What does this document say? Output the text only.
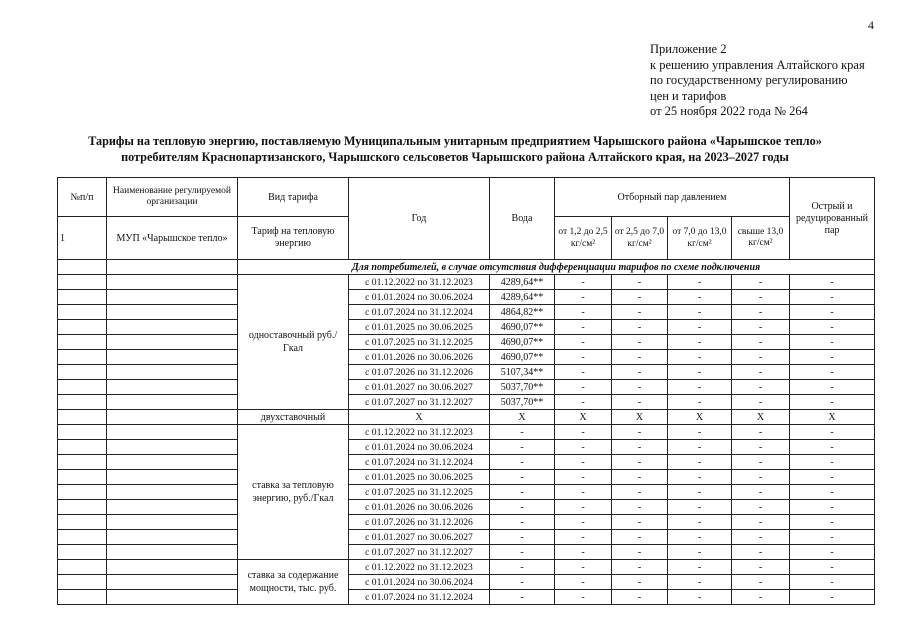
4
Приложение 2
к решению управления Алтайского края
по государственному регулированию
цен и тарифов
от 25 ноября 2022 года № 264
Тарифы на тепловую энергию, поставляемую Муниципальным унитарным предприятием Чарышского района «Чарышское тепло»
потребителям Краснопартизанского, Чарышского сельсоветов Чарышского района Алтайского края, на 2023–2027 годы
№п/п	Наименование регулируемой организации	Вид тарифа	Год	Вода	Отборный пар давлением				Острый и редуцированный пар
1	МУП «Чарышское тепло»	Тариф на тепловую энергию			от 1,2 до 2,5 кг/см²	от 2,5 до 7,0 кг/см²	от 7,0 до 13,0 кг/см²	свыше 13,0 кг/см²	
		Для потребителей, в случае отсутствия дифференциации тарифов по схеме подключения							
		одноставочный руб./Гкал	с 01.12.2022 по 31.12.2023	4289,64**	-	-	-	-	-
			с 01.01.2024 по 30.06.2024	4289,64**	-	-	-	-	-
			с 01.07.2024 по 31.12.2024	4864,82**	-	-	-	-	-
			с 01.01.2025 по 30.06.2025	4690,07**	-	-	-	-	-
			с 01.07.2025 по 31.12.2025	4690,07**	-	-	-	-	-
			с 01.01.2026 по 30.06.2026	4690,07**	-	-	-	-	-
			с 01.07.2026 по 31.12.2026	5107,34**	-	-	-	-	-
			с 01.01.2027 по 30.06.2027	5037,70**	-	-	-	-	-
			с 01.07.2027 по 31.12.2027	5037,70**	-	-	-	-	-
		двухставочный	Х	Х	Х	Х	Х	Х	Х
		ставка за тепловую энергию, руб./Гкал	с 01.12.2022 по 31.12.2023	-	-	-	-	-	-
			с 01.01.2024 по 30.06.2024	-	-	-	-	-	-
			с 01.07.2024 по 31.12.2024	-	-	-	-	-	-
			с 01.01.2025 по 30.06.2025	-	-	-	-	-	-
			с 01.07.2025 по 31.12.2025	-	-	-	-	-	-
			с 01.01.2026 по 30.06.2026	-	-	-	-	-	-
			с 01.07.2026 по 31.12.2026	-	-	-	-	-	-
			с 01.01.2027 по 30.06.2027	-	-	-	-	-	-
			с 01.07.2027 по 31.12.2027	-	-	-	-	-	-
		ставка за содержание мощности, тыс. руб.	с 01.12.2022 по 31.12.2023	-	-	-	-	-	-
			с 01.01.2024 по 30.06.2024	-	-	-	-	-	-
			с 01.07.2024 по 31.12.2024	-	-	-	-	-	-
